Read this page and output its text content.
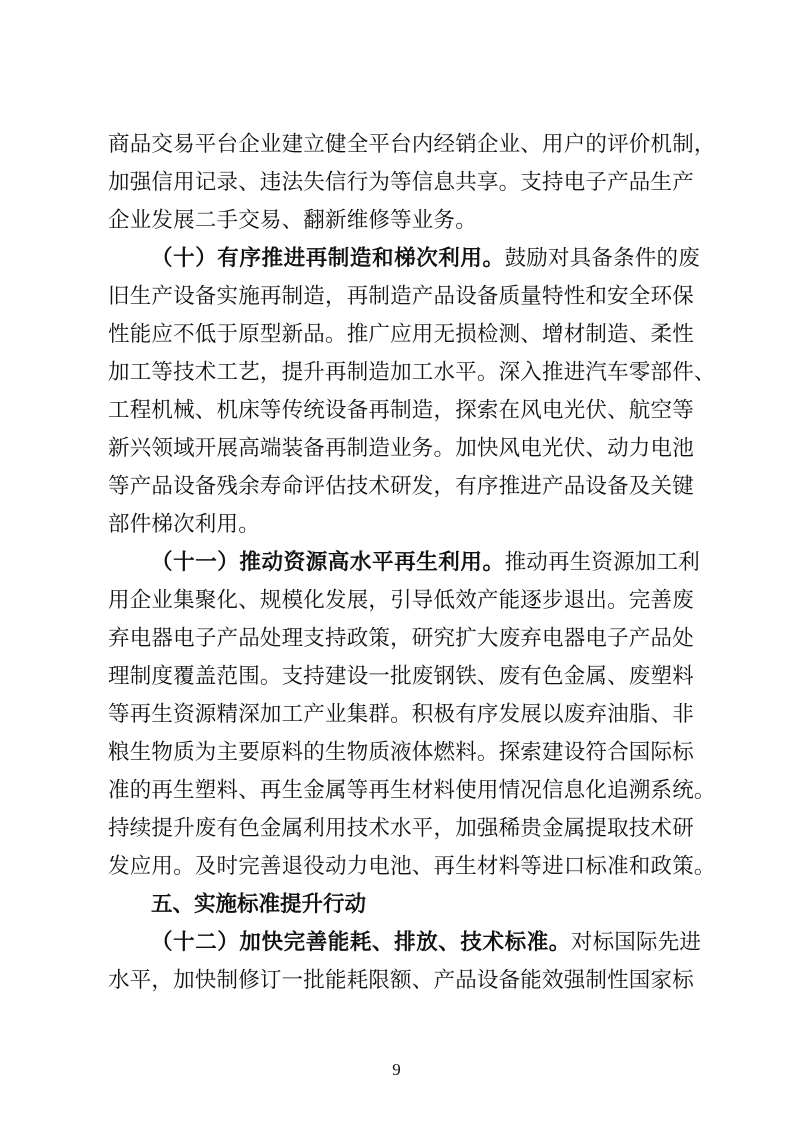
商品交易平台企业建立健全平台内经销企业、用户的评价机制，
加强信用记录、违法失信行为等信息共享。支持电子产品生产
企业发展二手交易、翻新维修等业务。
（十）有序推进再制造和梯次利用。鼓励对具备条件的废
旧生产设备实施再制造，再制造产品设备质量特性和安全环保
性能应不低于原型新品。推广应用无损检测、增材制造、柔性
加工等技术工艺，提升再制造加工水平。深入推进汽车零部件、
工程机械、机床等传统设备再制造，探索在风电光伏、航空等
新兴领域开展高端装备再制造业务。加快风电光伏、动力电池
等产品设备残余寿命评估技术研发，有序推进产品设备及关键
部件梯次利用。
（十一）推动资源高水平再生利用。推动再生资源加工利
用企业集聚化、规模化发展，引导低效产能逐步退出。完善废
弃电器电子产品处理支持政策，研究扩大废弃电器电子产品处
理制度覆盖范围。支持建设一批废钢铁、废有色金属、废塑料
等再生资源精深加工产业集群。积极有序发展以废弃油脂、非
粮生物质为主要原料的生物质液体燃料。探索建设符合国际标
准的再生塑料、再生金属等再生材料使用情况信息化追溯系统。
持续提升废有色金属利用技术水平，加强稀贵金属提取技术研
发应用。及时完善退役动力电池、再生材料等进口标准和政策。
五、实施标准提升行动
（十二）加快完善能耗、排放、技术标准。对标国际先进
水平，加快制修订一批能耗限额、产品设备能效强制性国家标
9
